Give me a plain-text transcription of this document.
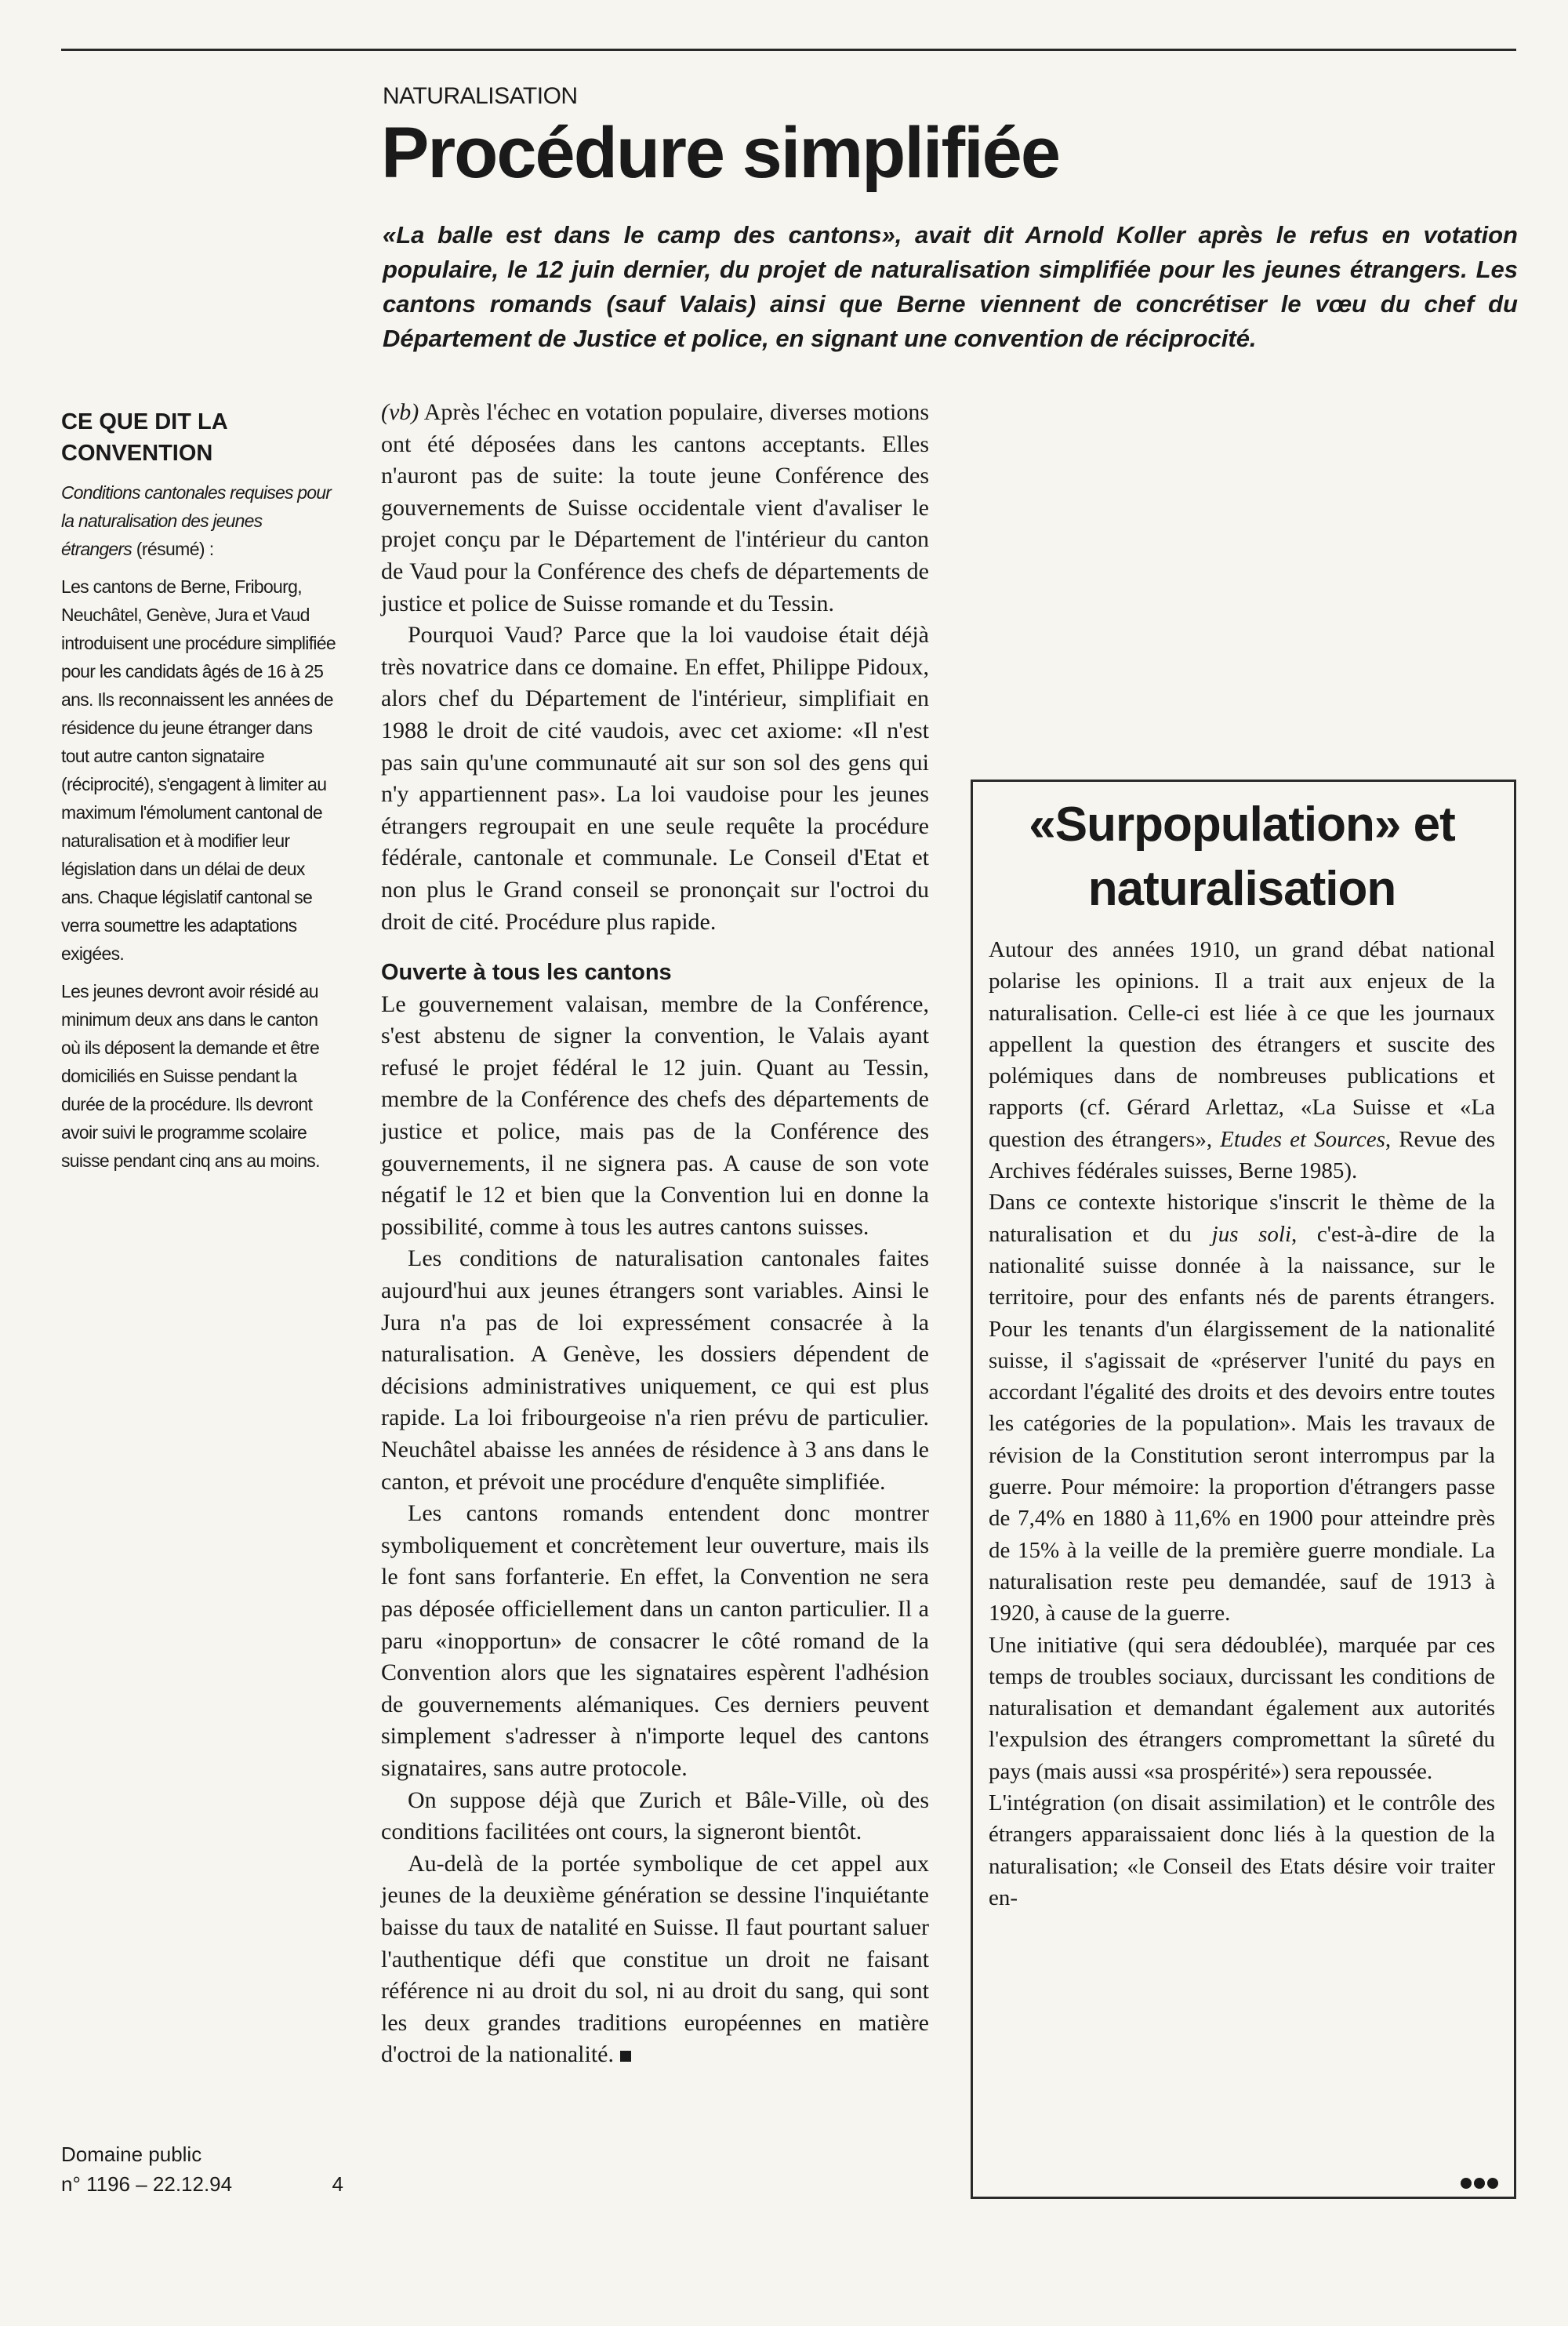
NATURALISATION
Procédure simplifiée

«La balle est dans le camp des cantons», avait dit Arnold Koller après le refus en votation populaire, le 12 juin dernier, du projet de naturalisation simplifiée pour les jeunes étrangers. Les cantons romands (sauf Valais) ainsi que Berne viennent de concrétiser le vœu du chef du Département de Justice et police, en signant une convention de réciprocité.

CE QUE DIT LA CONVENTION

Conditions cantonales requises pour la naturalisation des jeunes étrangers (résumé) :

Les cantons de Berne, Fribourg, Neuchâtel, Genève, Jura et Vaud introduisent une procédure simplifiée pour les candidats âgés de 16 à 25 ans. Ils reconnaissent les années de résidence du jeune étranger dans tout autre canton signataire (réciprocité), s'engagent à limiter au maximum l'émolument cantonal de naturalisation et à modifier leur législation dans un délai de deux ans. Chaque législatif cantonal se verra soumettre les adaptations exigées.

Les jeunes devront avoir résidé au minimum deux ans dans le canton où ils déposent la demande et être domiciliés en Suisse pendant la durée de la procédure. Ils devront avoir suivi le programme scolaire suisse pendant cinq ans au moins.

Domaine public
n° 1196 – 22.12.94	4

(vb) Après l'échec en votation populaire, diverses motions ont été déposées dans les cantons acceptants. Elles n'auront pas de suite: la toute jeune Conférence des gouvernements de Suisse occidentale vient d'avaliser le projet conçu par le Département de l'intérieur du canton de Vaud pour la Conférence des chefs de départements de justice et police de Suisse romande et du Tessin.

Pourquoi Vaud? Parce que la loi vaudoise était déjà très novatrice dans ce domaine. En effet, Philippe Pidoux, alors chef du Département de l'intérieur, simplifiait en 1988 le droit de cité vaudois, avec cet axiome: «Il n'est pas sain qu'une communauté ait sur son sol des gens qui n'y appartiennent pas». La loi vaudoise pour les jeunes étrangers regroupait en une seule requête la procédure fédérale, cantonale et communale. Le Conseil d'Etat et non plus le Grand conseil se prononçait sur l'octroi du droit de cité. Procédure plus rapide.

Ouverte à tous les cantons

Le gouvernement valaisan, membre de la Conférence, s'est abstenu de signer la convention, le Valais ayant refusé le projet fédéral le 12 juin. Quant au Tessin, membre de la Conférence des chefs des départements de justice et police, mais pas de la Conférence des gouvernements, il ne signera pas. A cause de son vote négatif le 12 et bien que la Convention lui en donne la possibilité, comme à tous les autres cantons suisses.

Les conditions de naturalisation cantonales faites aujourd'hui aux jeunes étrangers sont variables. Ainsi le Jura n'a pas de loi expressément consacrée à la naturalisation. A Genève, les dossiers dépendent de décisions administratives uniquement, ce qui est plus rapide. La loi fribourgeoise n'a rien prévu de particulier. Neuchâtel abaisse les années de résidence à 3 ans dans le canton, et prévoit une procédure d'enquête simplifiée.

Les cantons romands entendent donc montrer symboliquement et concrètement leur ouverture, mais ils le font sans forfanterie. En effet, la Convention ne sera pas déposée officiellement dans un canton particulier. Il a paru «inopportun» de consacrer le côté romand de la Convention alors que les signataires espèrent l'adhésion de gouvernements alémaniques. Ces derniers peuvent simplement s'adresser à n'importe lequel des cantons signataires, sans autre protocole.

On suppose déjà que Zurich et Bâle-Ville, où des conditions facilitées ont cours, la signeront bientôt.

Au-delà de la portée symbolique de cet appel aux jeunes de la deuxième génération se dessine l'inquiétante baisse du taux de natalité en Suisse. Il faut pourtant saluer l'authentique défi que constitue un droit ne faisant référence ni au droit du sol, ni au droit du sang, qui sont les deux grandes traditions européennes en matière d'octroi de la nationalité.

«Surpopulation» et naturalisation

Autour des années 1910, un grand débat national polarise les opinions. Il a trait aux enjeux de la naturalisation. Celle-ci est liée à ce que les journaux appellent la question des étrangers et suscite des polémiques dans de nombreuses publications et rapports (cf. Gérard Arlettaz, «La Suisse et «La question des étrangers», Etudes et Sources, Revue des Archives fédérales suisses, Berne 1985).

Dans ce contexte historique s'inscrit le thème de la naturalisation et du jus soli, c'est-à-dire de la nationalité suisse donnée à la naissance, sur le territoire, pour des enfants nés de parents étrangers. Pour les tenants d'un élargissement de la nationalité suisse, il s'agissait de «préserver l'unité du pays en accordant l'égalité des droits et des devoirs entre toutes les catégories de la population». Mais les travaux de révision de la Constitution seront interrompus par la guerre. Pour mémoire: la proportion d'étrangers passe de 7,4% en 1880 à 11,6% en 1900 pour atteindre près de 15% à la veille de la première guerre mondiale. La naturalisation reste peu demandée, sauf de 1913 à 1920, à cause de la guerre.

Une initiative (qui sera dédoublée), marquée par ces temps de troubles sociaux, durcissant les conditions de naturalisation et demandant également aux autorités l'expulsion des étrangers compromettant la sûreté du pays (mais aussi «sa prospérité») sera repoussée.

L'intégration (on disait assimilation) et le contrôle des étrangers apparaissaient donc liés à la question de la naturalisation; «le Conseil des Etats désire voir traiter en-
